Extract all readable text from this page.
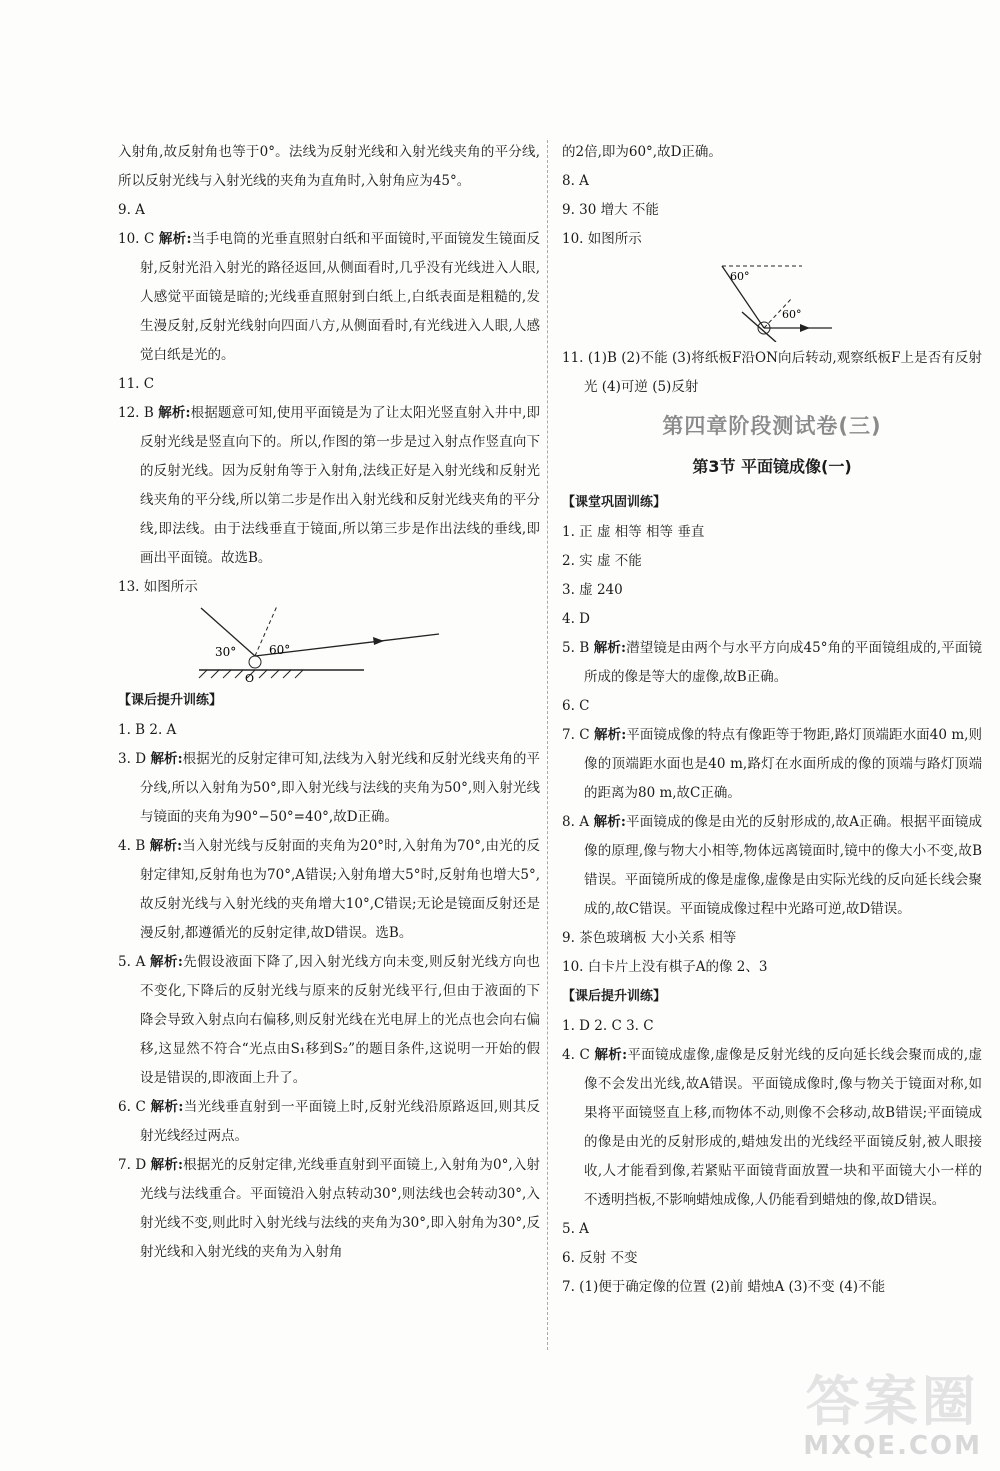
入射角,故反射角也等于0°。法线为反射光线和入射光线夹角的平分线,所以反射光线与入射光线的夹角为直角时,入射角应为45°。

9. A

10. C 解析:当手电筒的光垂直照射白纸和平面镜时,平面镜发生镜面反射,反射光沿入射光的路径返回,从侧面看时,几乎没有光线进入人眼,人感觉平面镜是暗的;光线垂直照射到白纸上,白纸表面是粗糙的,发生漫反射,反射光线射向四面八方,从侧面看时,有光线进入人眼,人感觉白纸是光的。

11. C

12. B 解析:根据题意可知,使用平面镜是为了让太阳光竖直射入井中,即反射光线是竖直向下的。所以,作图的第一步是过入射点作竖直向下的反射光线。因为反射角等于入射角,法线正好是入射光线和反射光线夹角的平分线,所以第二步是作出入射光线和反射光线夹角的平分线,即法线。由于法线垂直于镜面,所以第三步是作出法线的垂线,即画出平面镜。故选B。

13. 如图所示

30°	60°
O
【课后提升训练】

1. B 2. A

3. D 解析:根据光的反射定律可知,法线为入射光线和反射光线夹角的平分线,所以入射角为50°,即入射光线与法线的夹角为50°,则入射光线与镜面的夹角为90°−50°=40°,故D正确。

4. B 解析:当入射光线与反射面的夹角为20°时,入射角为70°,由光的反射定律知,反射角也为70°,A错误;入射角增大5°时,反射角也增大5°,故反射光线与入射光线的夹角增大10°,C错误;无论是镜面反射还是漫反射,都遵循光的反射定律,故D错误。选B。

5. A 解析:先假设液面下降了,因入射光线方向未变,则反射光线方向也不变化,下降后的反射光线与原来的反射光线平行,但由于液面的下降会导致入射点向右偏移,则反射光线在光电屏上的光点也会向右偏移,这显然不符合“光点由S₁移到S₂”的题目条件,这说明一开始的假设是错误的,即液面上升了。

6. C 解析:当光线垂直射到一平面镜上时,反射光线沿原路返回,则其反射光线经过两点。

7. D 解析:根据光的反射定律,光线垂直射到平面镜上,入射角为0°,入射光线与法线重合。平面镜沿入射点转动30°,则法线也会转动30°,入射光线不变,则此时入射光线与法线的夹角为30°,即入射角为30°,反射光线和入射光线的夹角为入射角

的2倍,即为60°,故D正确。

8. A

9. 30 增大 不能

10. 如图所示

60°
60°

11. (1)B (2)不能 (3)将纸板F沿ON向后转动,观察纸板F上是否有反射光 (4)可逆 (5)反射

第四章阶段测试卷(三)
第3节 平面镜成像(一)
【课堂巩固训练】

1. 正 虚 相等 相等 垂直

2. 实 虚 不能

3. 虚 240

4. D

5. B 解析:潜望镜是由两个与水平方向成45°角的平面镜组成的,平面镜所成的像是等大的虚像,故B正确。

6. C

7. C 解析:平面镜成像的特点有像距等于物距,路灯顶端距水面40 m,则像的顶端距水面也是40 m,路灯在水面所成的像的顶端与路灯顶端的距离为80 m,故C正确。

8. A 解析:平面镜成的像是由光的反射形成的,故A正确。根据平面镜成像的原理,像与物大小相等,物体远离镜面时,镜中的像大小不变,故B错误。平面镜所成的像是虚像,虚像是由实际光线的反向延长线会聚成的,故C错误。平面镜成像过程中光路可逆,故D错误。

9. 茶色玻璃板 大小关系 相等

10. 白卡片上没有棋子A的像 2、3

【课后提升训练】

1. D 2. C 3. C

4. C 解析:平面镜成虚像,虚像是反射光线的反向延长线会聚而成的,虚像不会发出光线,故A错误。平面镜成像时,像与物关于镜面对称,如果将平面镜竖直上移,而物体不动,则像不会移动,故B错误;平面镜成的像是由光的反射形成的,蜡烛发出的光线经平面镜反射,被人眼接收,人才能看到像,若紧贴平面镜背面放置一块和平面镜大小一样的不透明挡板,不影响蜡烛成像,人仍能看到蜡烛的像,故D错误。

5. A

6. 反射 不变

7. (1)便于确定像的位置 (2)前 蜡烛A (3)不变 (4)不能

答案圈
MXQE.COM
